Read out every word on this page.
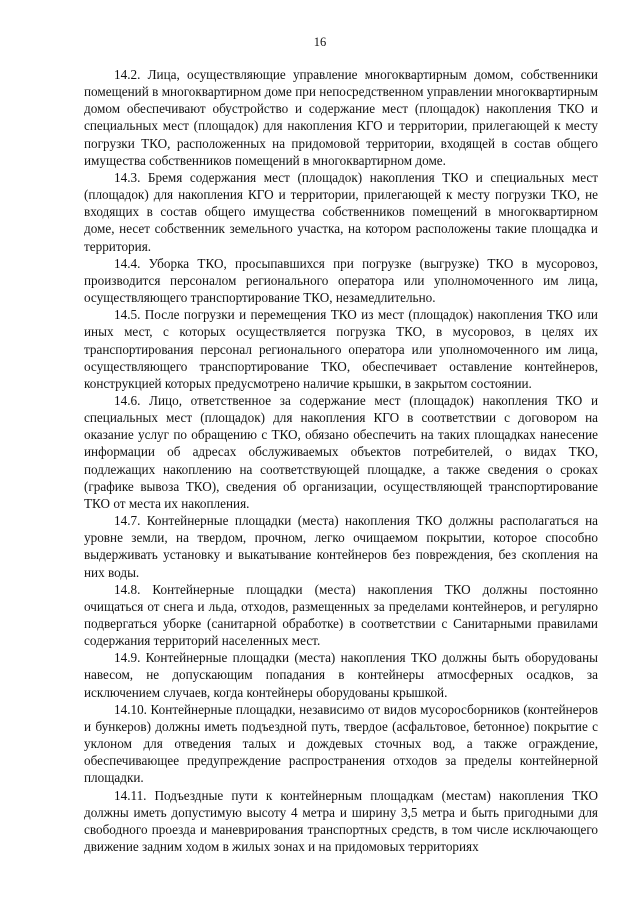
16

14.2. Лица, осуществляющие управление многоквартирным домом, собственники помещений в многоквартирном доме при непосредственном управлении многоквартирным домом обеспечивают обустройство и содержание мест (площадок) накопления ТКО и специальных мест (площадок) для накопления КГО и территории, прилегающей к месту погрузки ТКО, расположенных на придомовой территории, входящей в состав общего имущества собственников помещений в многоквартирном доме.

14.3. Бремя содержания мест (площадок) накопления ТКО и специальных мест (площадок) для накопления КГО и территории, прилегающей к месту погрузки ТКО, не входящих в состав общего имущества собственников помещений в многоквартирном доме, несет собственник земельного участка, на котором расположены такие площадка и территория.

14.4. Уборка ТКО, просыпавшихся при погрузке (выгрузке) ТКО в мусоровоз, производится персоналом регионального оператора или уполномоченного им лица, осуществляющего транспортирование ТКО, незамедлительно.

14.5. После погрузки и перемещения ТКО из мест (площадок) накопления ТКО или иных мест, с которых осуществляется погрузка ТКО, в мусоровоз, в целях их транспортирования персонал регионального оператора или уполномоченного им лица, осуществляющего транспортирование ТКО, обеспечивает оставление контейнеров, конструкцией которых предусмотрено наличие крышки, в закрытом состоянии.

14.6. Лицо, ответственное за содержание мест (площадок) накопления ТКО и специальных мест (площадок) для накопления КГО в соответствии с договором на оказание услуг по обращению с ТКО, обязано обеспечить на таких площадках нанесение информации об адресах обслуживаемых объектов потребителей, о видах ТКО, подлежащих накоплению на соответствующей площадке, а также сведения о сроках (графике вывоза ТКО), сведения об организации, осуществляющей транспортирование ТКО от места их накопления.

14.7. Контейнерные площадки (места) накопления ТКО должны располагаться на уровне земли, на твердом, прочном, легко очищаемом покрытии, которое способно выдерживать установку и выкатывание контейнеров без повреждения, без скопления на них воды.

14.8. Контейнерные площадки (места) накопления ТКО должны постоянно очищаться от снега и льда, отходов, размещенных за пределами контейнеров, и регулярно подвергаться уборке (санитарной обработке) в соответствии с Санитарными правилами содержания территорий населенных мест.

14.9. Контейнерные площадки (места) накопления ТКО должны быть оборудованы навесом, не допускающим попадания в контейнеры атмосферных осадков, за исключением случаев, когда контейнеры оборудованы крышкой.

14.10. Контейнерные площадки, независимо от видов мусоросборников (контейнеров и бункеров) должны иметь подъездной путь, твердое (асфальтовое, бетонное) покрытие с уклоном для отведения талых и дождевых сточных вод, а также ограждение, обеспечивающее предупреждение распространения отходов за пределы контейнерной площадки.

14.11. Подъездные пути к контейнерным площадкам (местам) накопления ТКО должны иметь допустимую высоту 4 метра и ширину 3,5 метра и быть пригодными для свободного проезда и маневрирования транспортных средств, в том числе исключающего движение задним ходом в жилых зонах и на придомовых территориях
